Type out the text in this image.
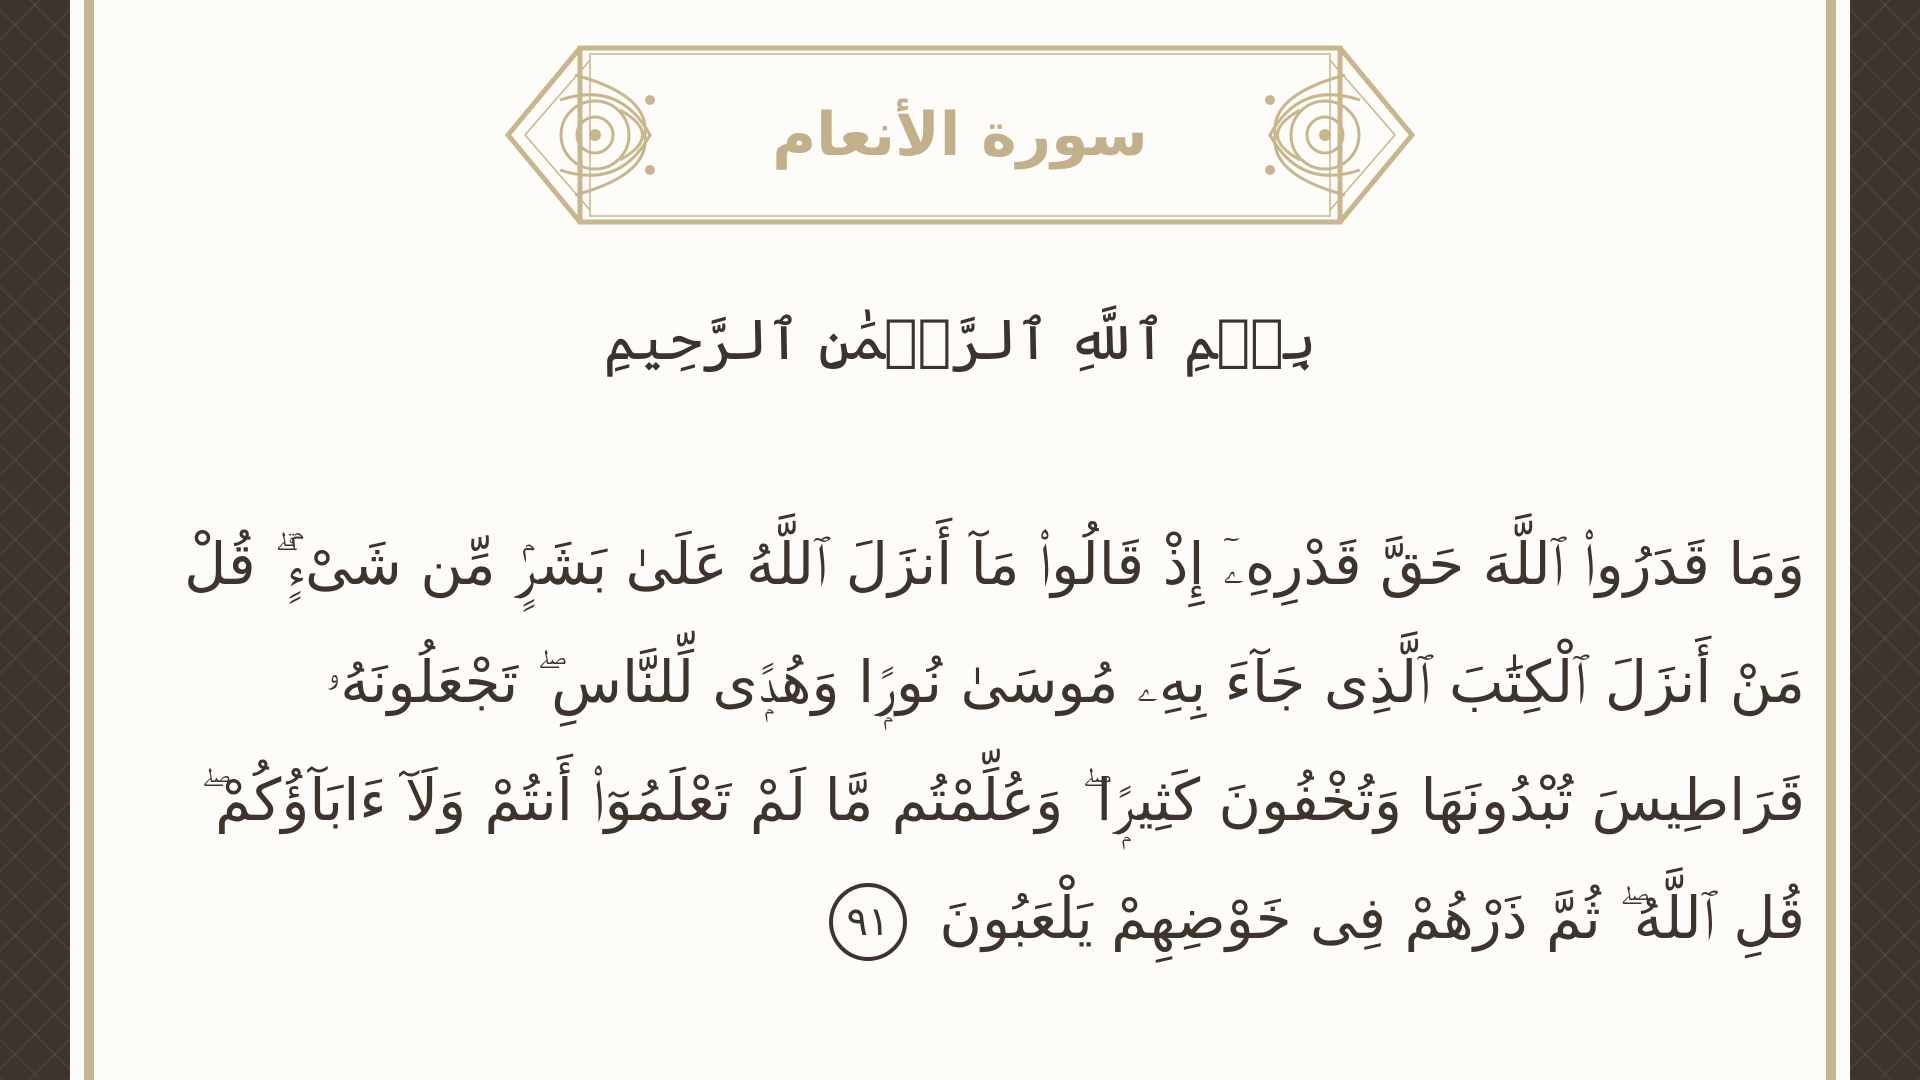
سورة الأنعام
بِسۡمِ ٱللَّهِ ٱلرَّحۡمَٰنِ ٱلرَّحِيمِ
وَمَا قَدَرُوا۟ ٱللَّهَ حَقَّ قَدْرِهِۦٓ إِذْ قَالُوا۟ مَآ أَنزَلَ ٱللَّهُ عَلَىٰ بَشَرٍۢ مِّن شَىْءٍۢ ۗ قُلْ مَنْ أَنزَلَ ٱلْكِتَٰبَ ٱلَّذِى جَآءَ بِهِۦ مُوسَىٰ نُورًۭا وَهُدًۭى لِّلنَّاسِ ۖ تَجْعَلُونَهُۥ قَرَاطِيسَ تُبْدُونَهَا وَتُخْفُونَ كَثِيرًۭا ۖ وَعُلِّمْتُم مَّا لَمْ تَعْلَمُوٓا۟ أَنتُمْ وَلَآ ءَابَآؤُكُمْ ۖ قُلِ ٱللَّهُ ۖ ثُمَّ ذَرْهُمْ فِى خَوْضِهِمْ يَلْعَبُونَ ٩١
